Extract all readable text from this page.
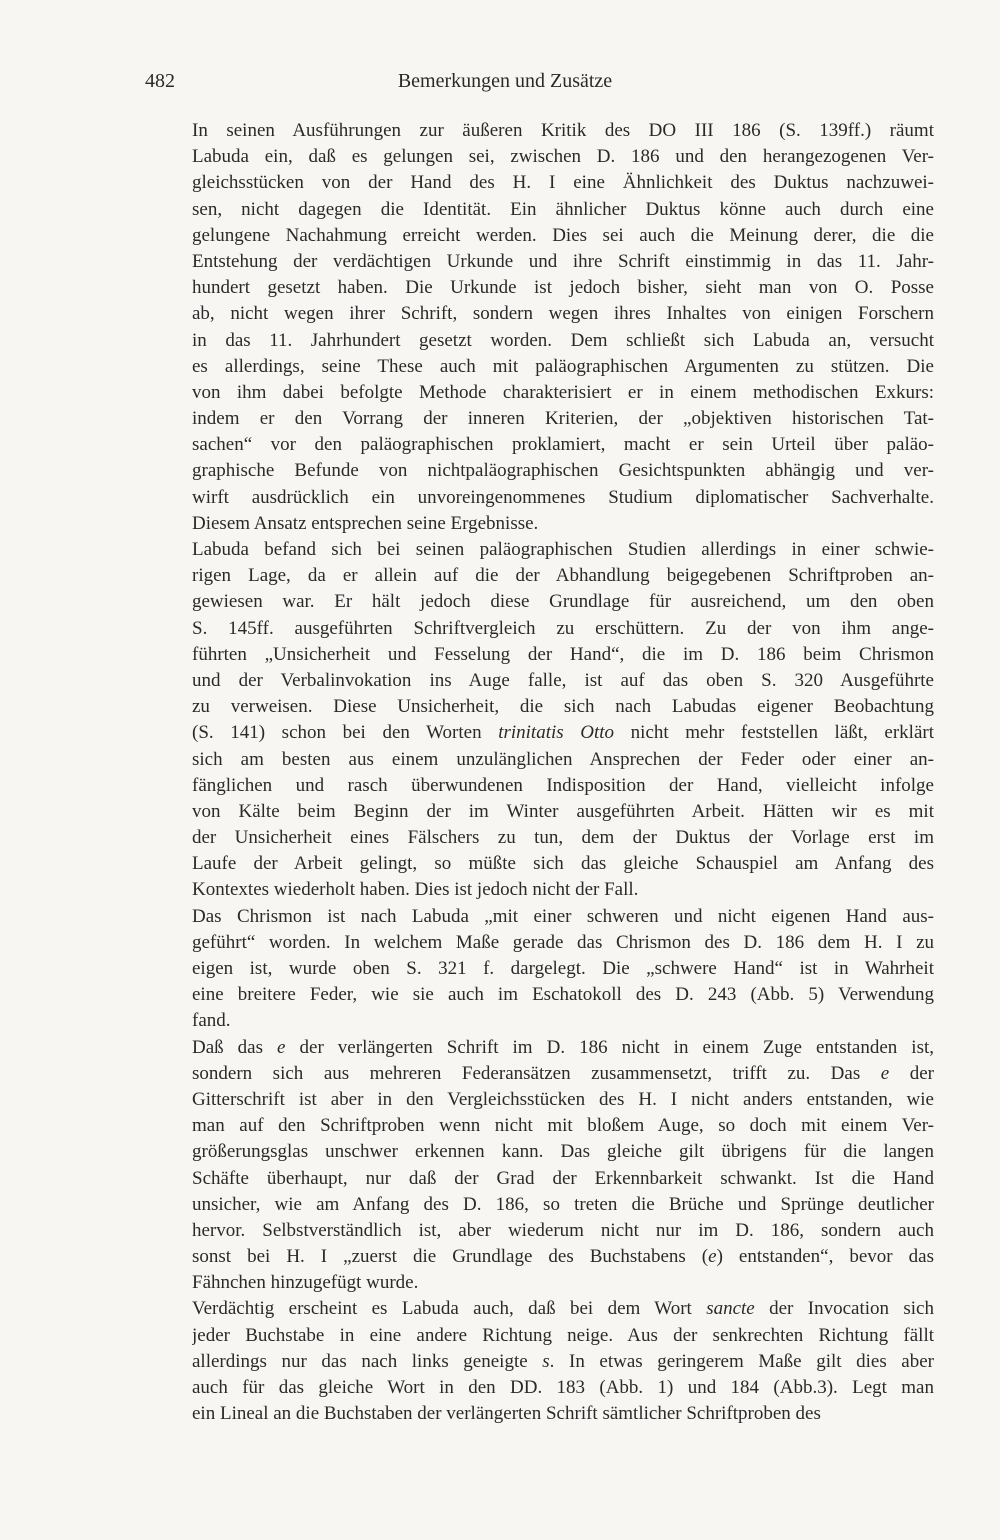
482	Bemerkungen und Zusätze
In seinen Ausführungen zur äußeren Kritik des DO III 186 (S. 139ff.) räumt
Labuda ein, daß es gelungen sei, zwischen D. 186 und den herangezogenen Ver-
gleichsstücken von der Hand des H. I eine Ähnlichkeit des Duktus nachzuwei-
sen, nicht dagegen die Identität. Ein ähnlicher Duktus könne auch durch eine
gelungene Nachahmung erreicht werden. Dies sei auch die Meinung derer, die die
Entstehung der verdächtigen Urkunde und ihre Schrift einstimmig in das 11. Jahr-
hundert gesetzt haben. Die Urkunde ist jedoch bisher, sieht man von O. Posse
ab, nicht wegen ihrer Schrift, sondern wegen ihres Inhaltes von einigen Forschern
in das 11. Jahrhundert gesetzt worden. Dem schließt sich Labuda an, versucht
es allerdings, seine These auch mit paläographischen Argumenten zu stützen. Die
von ihm dabei befolgte Methode charakterisiert er in einem methodischen Exkurs:
indem er den Vorrang der inneren Kriterien, der „objektiven historischen Tat-
sachen“ vor den paläographischen proklamiert, macht er sein Urteil über paläo-
graphische Befunde von nichtpaläographischen Gesichtspunkten abhängig und ver-
wirft ausdrücklich ein unvoreingenommenes Studium diplomatischer Sachverhalte.
Diesem Ansatz entsprechen seine Ergebnisse.
Labuda befand sich bei seinen paläographischen Studien allerdings in einer schwie-
rigen Lage, da er allein auf die der Abhandlung beigegebenen Schriftproben an-
gewiesen war. Er hält jedoch diese Grundlage für ausreichend, um den oben
S. 145ff. ausgeführten Schriftvergleich zu erschüttern. Zu der von ihm ange-
führten „Unsicherheit und Fesselung der Hand“, die im D. 186 beim Chrismon
und der Verbalinvokation ins Auge falle, ist auf das oben S. 320 Ausgeführte
zu verweisen. Diese Unsicherheit, die sich nach Labudas eigener Beobachtung
(S. 141) schon bei den Worten trinitatis Otto nicht mehr feststellen läßt, erklärt
sich am besten aus einem unzulänglichen Ansprechen der Feder oder einer an-
fänglichen und rasch überwundenen Indisposition der Hand, vielleicht infolge
von Kälte beim Beginn der im Winter ausgeführten Arbeit. Hätten wir es mit
der Unsicherheit eines Fälschers zu tun, dem der Duktus der Vorlage erst im
Laufe der Arbeit gelingt, so müßte sich das gleiche Schauspiel am Anfang des
Kontextes wiederholt haben. Dies ist jedoch nicht der Fall.
Das Chrismon ist nach Labuda „mit einer schweren und nicht eigenen Hand aus-
geführt“ worden. In welchem Maße gerade das Chrismon des D. 186 dem H. I zu
eigen ist, wurde oben S. 321 f. dargelegt. Die „schwere Hand“ ist in Wahrheit
eine breitere Feder, wie sie auch im Eschatokoll des D. 243 (Abb. 5) Verwendung
fand.
Daß das e der verlängerten Schrift im D. 186 nicht in einem Zuge entstanden ist,
sondern sich aus mehreren Federansätzen zusammensetzt, trifft zu. Das e der
Gitterschrift ist aber in den Vergleichsstücken des H. I nicht anders entstanden, wie
man auf den Schriftproben wenn nicht mit bloßem Auge, so doch mit einem Ver-
größerungsglas unschwer erkennen kann. Das gleiche gilt übrigens für die langen
Schäfte überhaupt, nur daß der Grad der Erkennbarkeit schwankt. Ist die Hand
unsicher, wie am Anfang des D. 186, so treten die Brüche und Sprünge deutlicher
hervor. Selbstverständlich ist, aber wiederum nicht nur im D. 186, sondern auch
sonst bei H. I „zuerst die Grundlage des Buchstabens (e) entstanden“, bevor das
Fähnchen hinzugefügt wurde.
Verdächtig erscheint es Labuda auch, daß bei dem Wort sancte der Invocation sich
jeder Buchstabe in eine andere Richtung neige. Aus der senkrechten Richtung fällt
allerdings nur das nach links geneigte s. In etwas geringerem Maße gilt dies aber
auch für das gleiche Wort in den DD. 183 (Abb. 1) und 184 (Abb.3). Legt man
ein Lineal an die Buchstaben der verlängerten Schrift sämtlicher Schriftproben des
